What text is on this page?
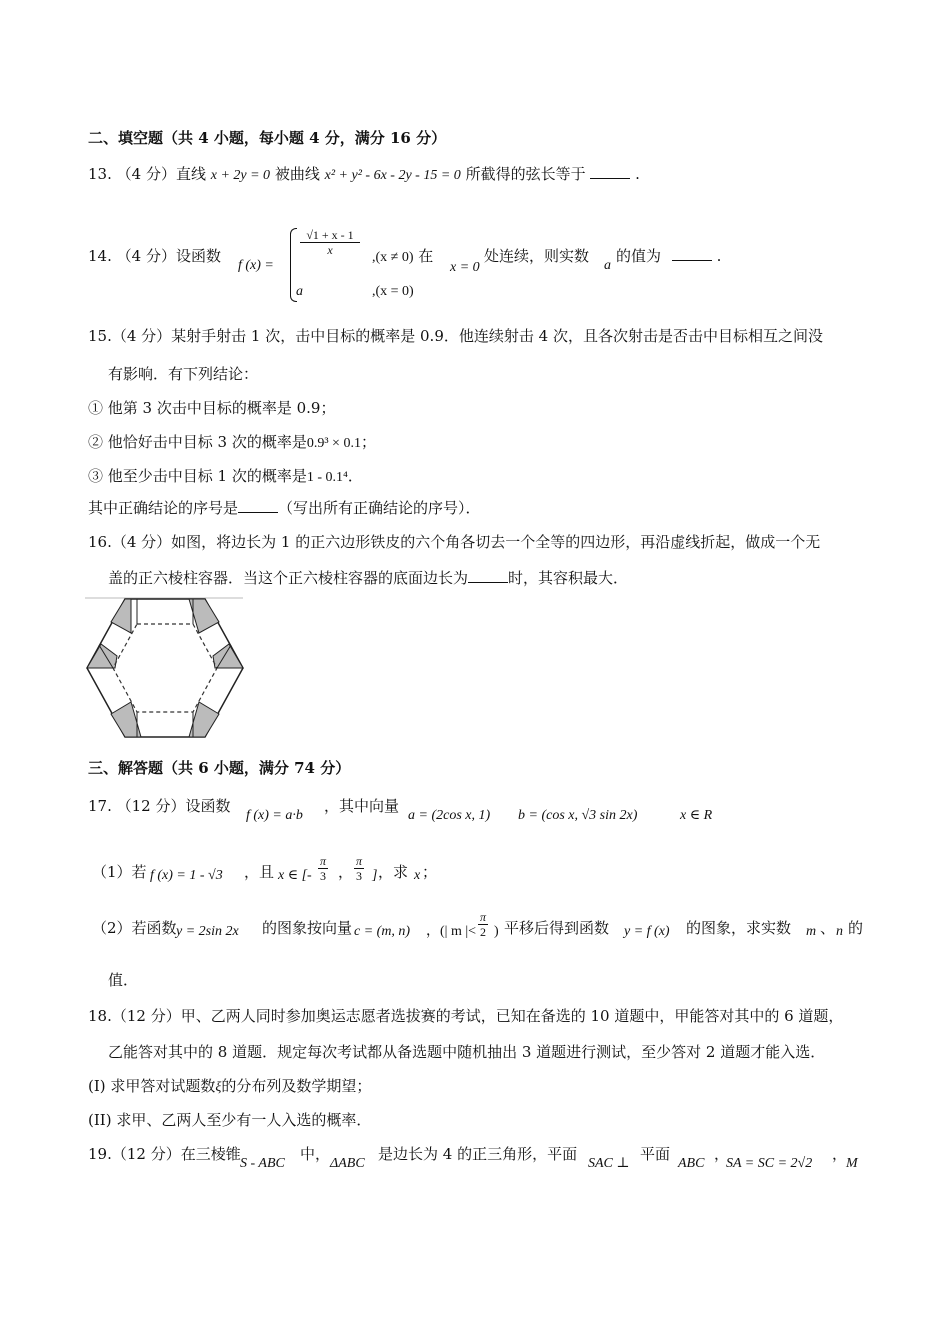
二、填空题（共 4 小题，每小题 4 分，满分 16 分）
13. （4 分）直线 x + 2y = 0 被曲线 x² + y² - 6x - 2y - 15 = 0 所截得的弦长等于	.
14. （4 分）设函数
f (x) =
$\frac{√1 + x - 1}{x}$
,(x ≠ 0) 在
x = 0
处连续，则实数
a
的值为	.
a	,(x = 0)
15.（4 分）某射手射击 1 次，击中目标的概率是 0.9．他连续射击 4 次，且各次射击是否击中目标相互之间没
有影响．有下列结论：
① 他第 3 次击中目标的概率是 0.9；
② 他恰好击中目标 3 次的概率是0.9³ × 0.1；
③ 他至少击中目标 1 次的概率是1 - 0.1⁴．
其中正确结论的序号是	（写出所有正确结论的序号）．
16.（4 分）如图，将边长为 1 的正六边形铁皮的六个角各切去一个全等的四边形，再沿虚线折起，做成一个无
盖的正六棱柱容器．当这个正六棱柱容器的底面边长为	时，其容积最大．
三、解答题（共 6 小题，满分 74 分）
17. （12 分）设函数
f (x) = a·b
，其中向量
a = (2cos x, 1) b = (cos x, √3 sin 2x)	x ∈ R
（1）若 f (x) = 1 - √3 ，且 x ∈ [- $\frac{\pi}{3}$ ， $\frac{\pi}{3}$ ] ，求 x ；
（2）若函数 y = 2sin 2x 的图象按向量 c = (m, n) ，(| m |< $\frac{\pi}{2}$ ) 平移后得到函数 y = f (x) 的图象，求实数 m 、 n 的
值．
18.（12 分）甲、乙两人同时参加奥运志愿者选拔赛的考试，已知在备选的 10 道题中，甲能答对其中的 6 道题，
乙能答对其中的 8 道题．规定每次考试都从备选题中随机抽出 3 道题进行测试，至少答对 2 道题才能入选．
(I) 求甲答对试题数ξ的分布列及数学期望；
(II) 求甲、乙两人至少有一人入选的概率．
19.（12 分）在三棱锥
S - ABC
中，
ΔABC
是边长为 4 的正三角形，平面
SAC ⊥
平面
ABC
，
SA = SC = 2√2
，
M
